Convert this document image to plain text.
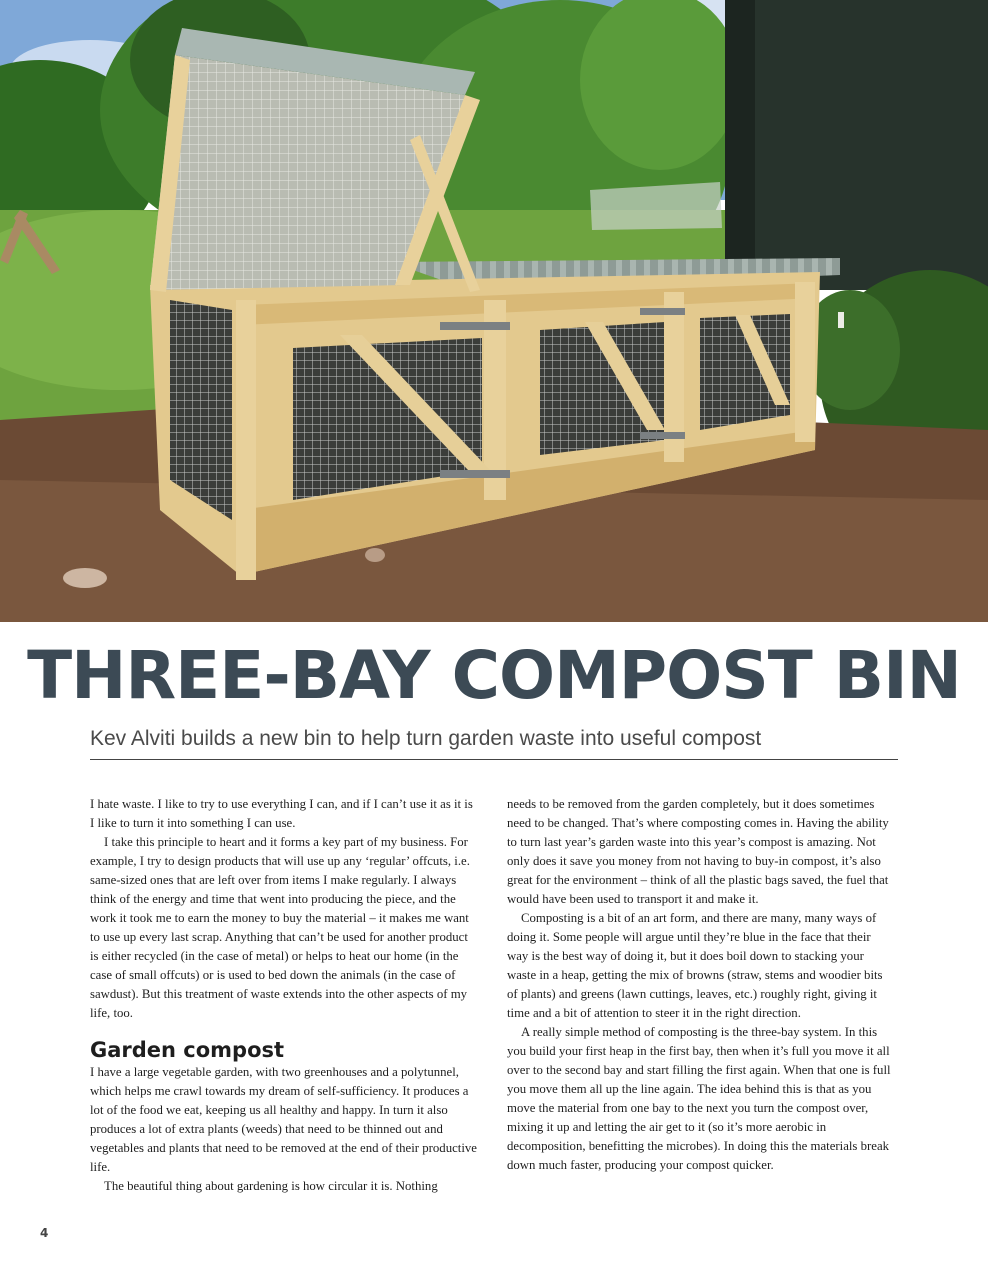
THREE-BAY COMPOST BIN
Kev Alviti builds a new bin to help turn garden waste into useful compost

I hate waste. I like to try to use everything I can, and if I can’t use it as it is I like to turn it into something I can use.

I take this principle to heart and it forms a key part of my business. For example, I try to design products that will use up any ‘regular’ offcuts, i.e. same-sized ones that are left over from items I make regularly. I always think of the energy and time that went into producing the piece, and the work it took me to earn the money to buy the material – it makes me want to use up every last scrap. Anything that can’t be used for another product is either recycled (in the case of metal) or helps to heat our home (in the case of small offcuts) or is used to bed down the animals (in the case of sawdust). But this treatment of waste extends into the other aspects of my life, too.

Garden compost

I have a large vegetable garden, with two greenhouses and a polytunnel, which helps me crawl towards my dream of self-sufficiency. It produces a lot of the food we eat, keeping us all healthy and happy. In turn it also produces a lot of extra plants (weeds) that need to be thinned out and vegetables and plants that need to be removed at the end of their productive life.

The beautiful thing about gardening is how circular it is. Nothing

needs to be removed from the garden completely, but it does sometimes need to be changed. That’s where composting comes in. Having the ability to turn last year’s garden waste into this year’s compost is amazing. Not only does it save you money from not having to buy-in compost, it’s also great for the environment – think of all the plastic bags saved, the fuel that would have been used to transport it and make it.

Composting is a bit of an art form, and there are many, many ways of doing it. Some people will argue until they’re blue in the face that their way is the best way of doing it, but it does boil down to stacking your waste in a heap, getting the mix of browns (straw, stems and woodier bits of plants) and greens (lawn cuttings, leaves, etc.) roughly right, giving it time and a bit of attention to steer it in the right direction.

A really simple method of composting is the three-bay system. In this you build your first heap in the first bay, then when it’s full you move it all over to the second bay and start filling the first again. When that one is full you move them all up the line again. The idea behind this is that as you move the material from one bay to the next you turn the compost over, mixing it up and letting the air get to it (so it’s more aerobic in decomposition, benefitting the microbes). In doing this the materials break down much faster, producing your compost quicker.

4
